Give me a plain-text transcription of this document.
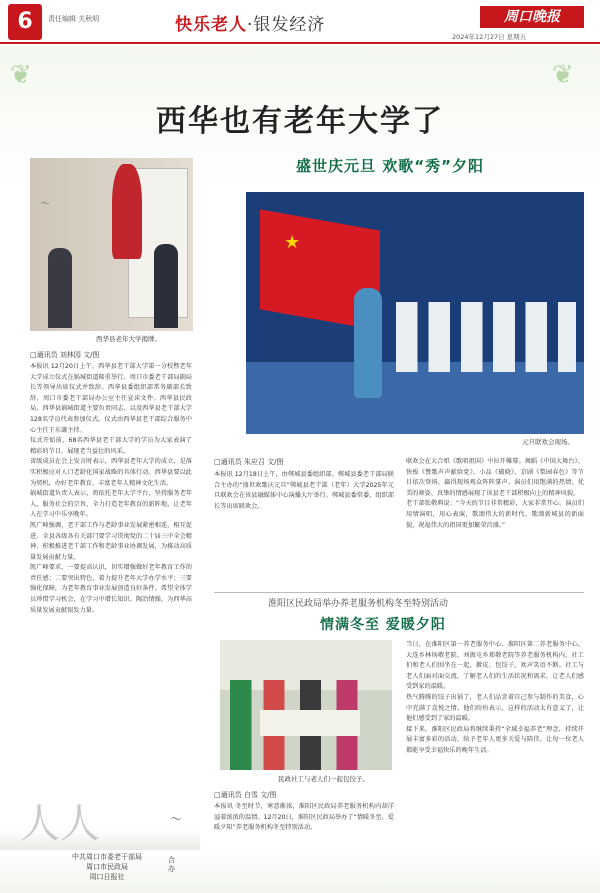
6	责任编辑 关秋明	快乐老人·银发经济	周口晚报
2024年12月27日 星期五
❦	❦
西华也有老年大学了
盛世庆元旦 欢歌“秀”夕阳
西华县老年大学揭牌。
□通讯员 刘林园 文/图

本报讯 12月20日上午，西华县老干部大学第一分校暨老年大学成立仪式在娲城街道隆重举行。周口市委老干部局副局长等领导出席仪式并致辞。西华县委组织部常务副部长致辞，周口市委老干部局办公室主任宣读文件。西华县民政局、西华县娲城街道主要负责同志，以及西华县老干部大学128名学员代表参加仪式。仪式由西华县老干部综合服务中心主任王东谦主持。

仪式开始前，68名西华县老干部大学的学员为大家表演了精彩的节目，展现老当益壮的风采。

省级成员在会上发言时表示，西华县老年大学的成立，是落实积极应对人口老龄化国家战略的具体行动。西华县要以此为契机，办好老年教育，丰富老年人精神文化生活。

娲城街道负责人表示，将依托老年大学平台，坚持服务老年人、服务社会的宗旨，全力打造老年教育的新阵地，让老年人在学习中乐享晚年。

凯广峰强调，老干部工作与老龄事业发展紧密相连，相互促进。全县各级各有关部门要学习贯彻党的二十届三中全会精神，积极推进老干部工作和老龄事业协调发展，为推动高质量发展贡献力量。

凯广峰要求，一要提高认识，切实增强做好老年教育工作的责任感；二要突出特色，着力提升老年大学办学水平；三要强化保障，为老年教育事业发展创造良好条件。希望全体学员珍惜学习机会，在学习中增长知识、陶冶情操，为西华高质量发展贡献银发力量。

★
元旦联欢会现场。
□通讯员 朱应召 文/图

本报讯 12月18日上午，由郸城县委组织部、郸城县委老干部局联合主办的“盛世欢歌庆元旦”郸城县老干部（老年）大学2025年元旦联欢会在该县融媒体中心演播大厅举行。郸城县委常委、组织部长等出席联欢会。

联欢会在大合唱《歌唱祖国》中拉开帷幕。舞蹈《中国大舞台》、快板《赞歌声声献给党》、小品《破晓》、京剧《梨园春色》等节目依次登场，赢得现场观众阵阵掌声。演员们用饱满的热情、优美的舞姿、真挚的情感展现了该县老干部积极向上的精神风貌。

老干部张敬典说：“今天的节目非常精彩，大家非常开心。演员们用情演唱、用心表演，歌颂伟大的新时代、歌颂新城县的新面貌，祝福伟大的祖国更加繁荣昌盛。”

淮阳区民政局举办养老服务机构冬至特别活动
情满冬至 爱暖夕阳
民政社工与老人们一起包饺子。
□通讯员 白雪 文/图

本报讯 冬至时节，寒意渐浓，淮阳区民政局养老服务机构内却洋溢着浓浓的温情。12月20日，淮阳区民政局举办了“情暖冬至，爱暖夕阳”养老服务机构冬至特别活动。

当日，在淮阳区第一养老服务中心、淮阳区第二养老服务中心、大连乡林场敬老院、刘振屯乡郑敬老院等养老服务机构内，社工们和老人们围坐在一起，擀皮、包饺子，欢声笑语不断。社工与老人们面对面交流，了解老人们的生活状况和需求，让老人们感受到家的温暖。

热气腾腾的饺子出锅了，老人们品尝着自己参与制作的美食，心中充满了喜悦之情。他们纷纷表示，这样的活动太有意义了，让他们感受到了家的温暖。

接下来，淮阳区民政局将继续秉持“全域幸福养老”理念，持续开展丰富多彩的活动，给予老年人更多关爱与陪伴，让每一位老人都能享受幸福快乐的晚年生活。

人人	〜
〜
中共周口市委老干部局
周口市民政局
周口日报社
合办
